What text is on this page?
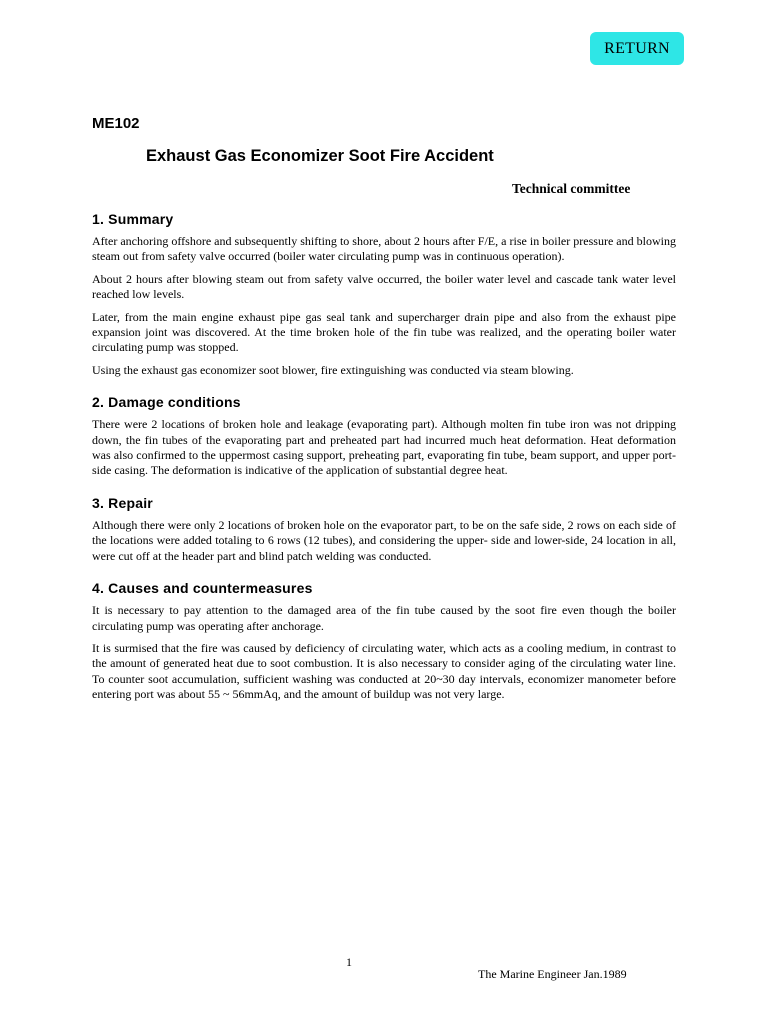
RETURN
ME102
Exhaust Gas Economizer Soot Fire Accident
Technical committee
1. Summary

After anchoring offshore and subsequently shifting to shore, about 2 hours after F/E, a rise in boiler pressure and blowing steam out from safety valve occurred (boiler water circulating pump was in continuous operation).

About 2 hours after blowing steam out from safety valve occurred, the boiler water level and cascade tank water level reached low levels.

Later, from the main engine exhaust pipe gas seal tank and supercharger drain pipe and also from the exhaust pipe expansion joint was discovered. At the time broken hole of the fin tube was realized, and the operating boiler water circulating pump was stopped.

Using the exhaust gas economizer soot blower, fire extinguishing was conducted via steam blowing.

2. Damage conditions

There were 2 locations of broken hole and leakage (evaporating part). Although molten fin tube iron was not dripping down, the fin tubes of the evaporating part and preheated part had incurred much heat deformation. Heat deformation was also confirmed to the uppermost casing support, preheating part, evaporating fin tube, beam support, and upper port-side casing. The deformation is indicative of the application of substantial degree heat.

3. Repair

Although there were only 2 locations of broken hole on the evaporator part, to be on the safe side, 2 rows on each side of the locations were added totaling to 6 rows (12 tubes), and considering the upper- side and lower-side, 24 location in all, were cut off at the header part and blind patch welding was conducted.

4. Causes and countermeasures

It is necessary to pay attention to the damaged area of the fin tube caused by the soot fire even though the boiler circulating pump was operating after anchorage.

It is surmised that the fire was caused by deficiency of circulating water, which acts as a cooling medium, in contrast to the amount of generated heat due to soot combustion. It is also necessary to consider aging of the circulating water line. To counter soot accumulation, sufficient washing was conducted at 20~30 day intervals, economizer manometer before entering port was about 55 ~ 56mmAq, and the amount of buildup was not very large.

1
The Marine Engineer Jan.1989
